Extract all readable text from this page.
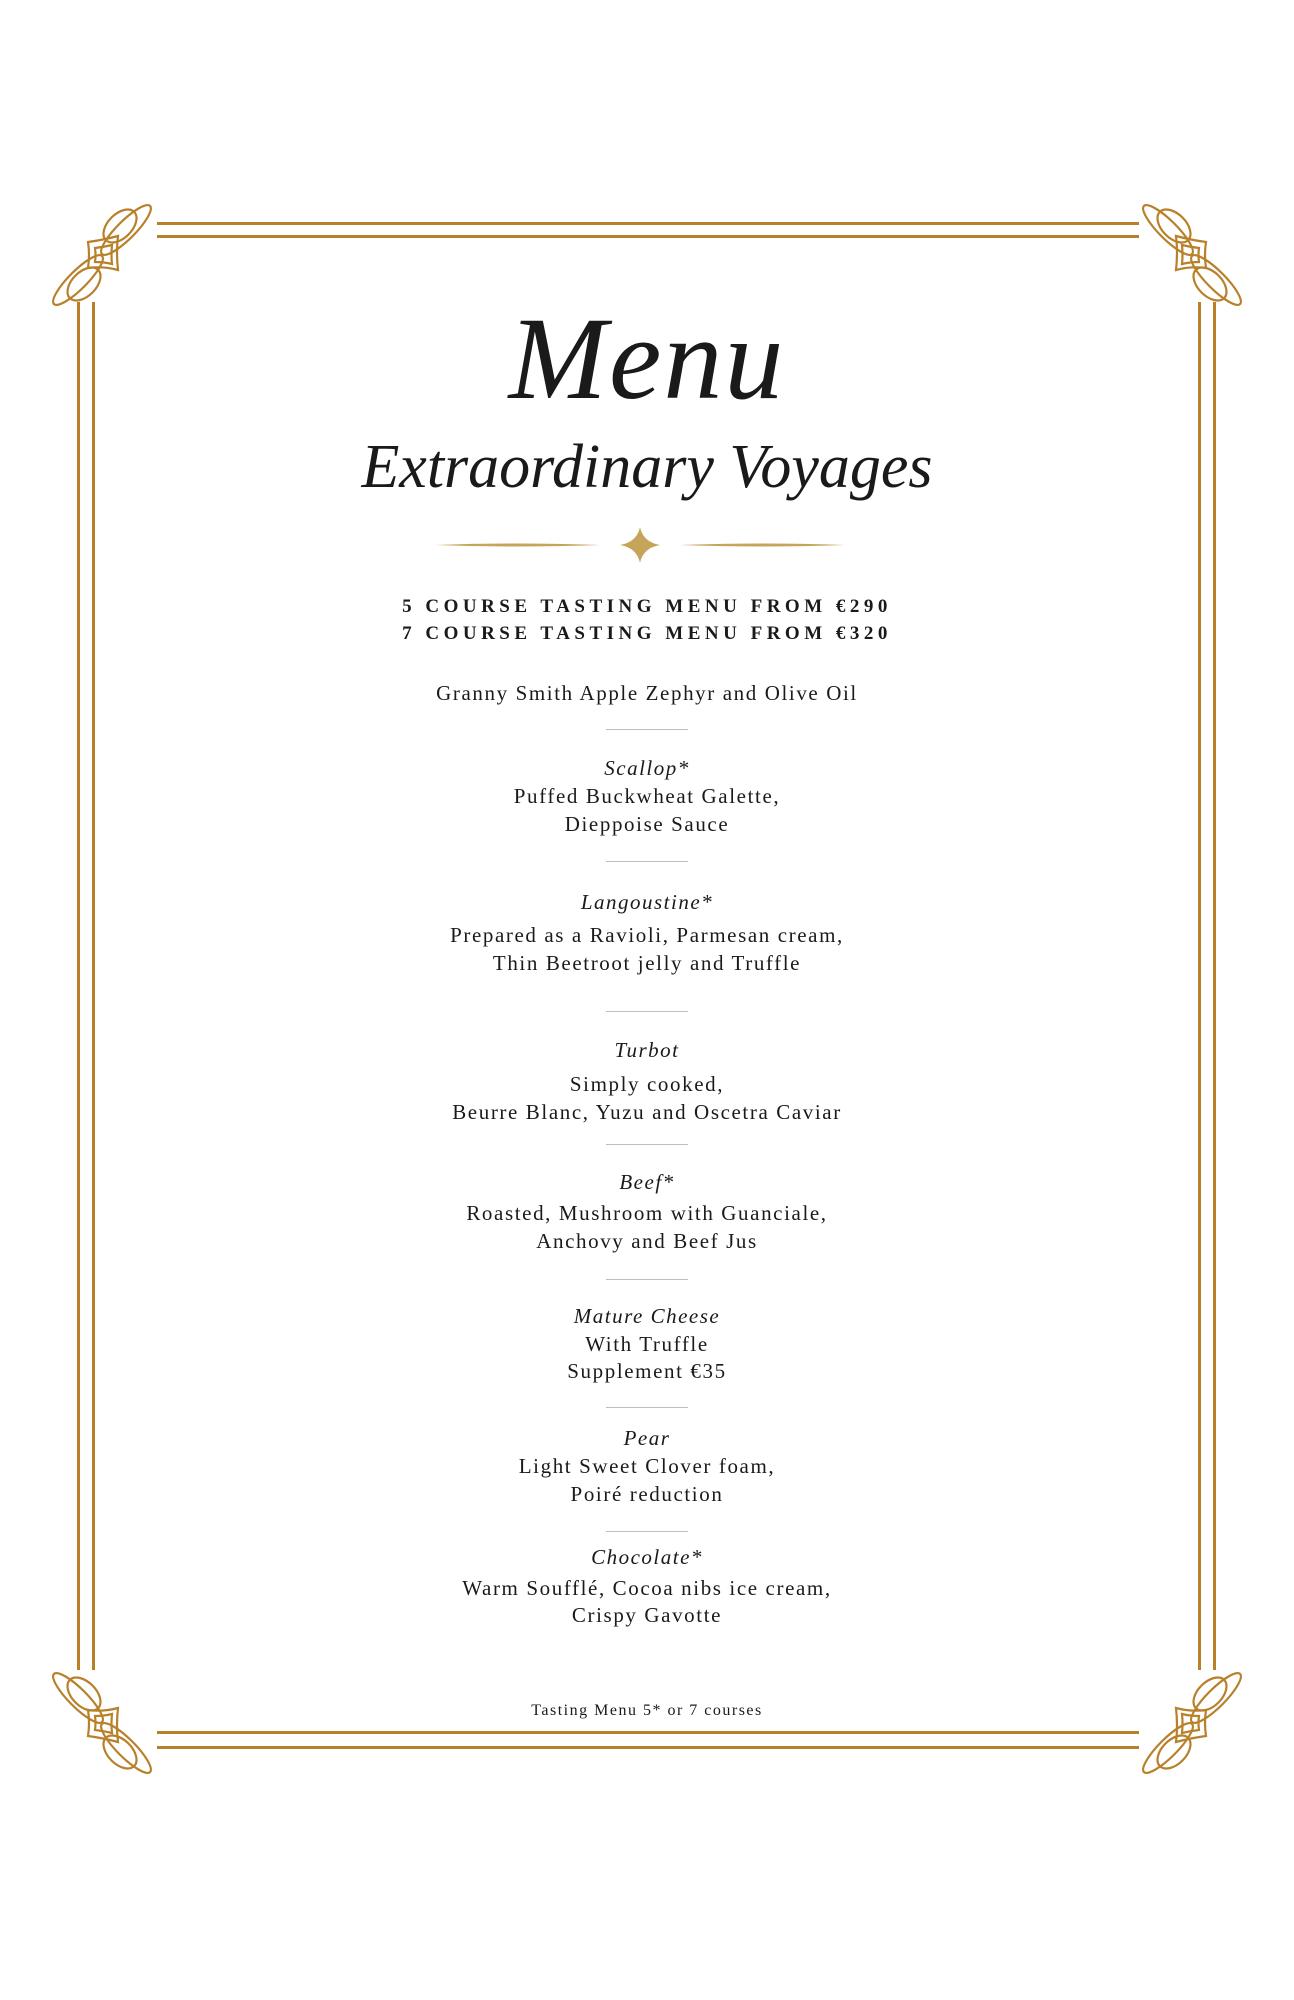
Menu
Extraordinary Voyages
5 COURSE TASTING MENU FROM €290
7 COURSE TASTING MENU FROM €320
Granny Smith Apple Zephyr and Olive Oil
Scallop*
Puffed Buckwheat Galette,
Dieppoise Sauce
Langoustine*
Prepared as a Ravioli, Parmesan cream,
Thin Beetroot jelly and Truffle
Turbot
Simply cooked,
Beurre Blanc, Yuzu and Oscetra Caviar
Beef*
Roasted, Mushroom with Guanciale,
Anchovy and Beef Jus
Mature Cheese
With Truffle
Supplement €35
Pear
Light Sweet Clover foam,
Poiré reduction
Chocolate*
Warm Soufflé, Cocoa nibs ice cream,
Crispy Gavotte
Tasting Menu 5* or 7 courses
